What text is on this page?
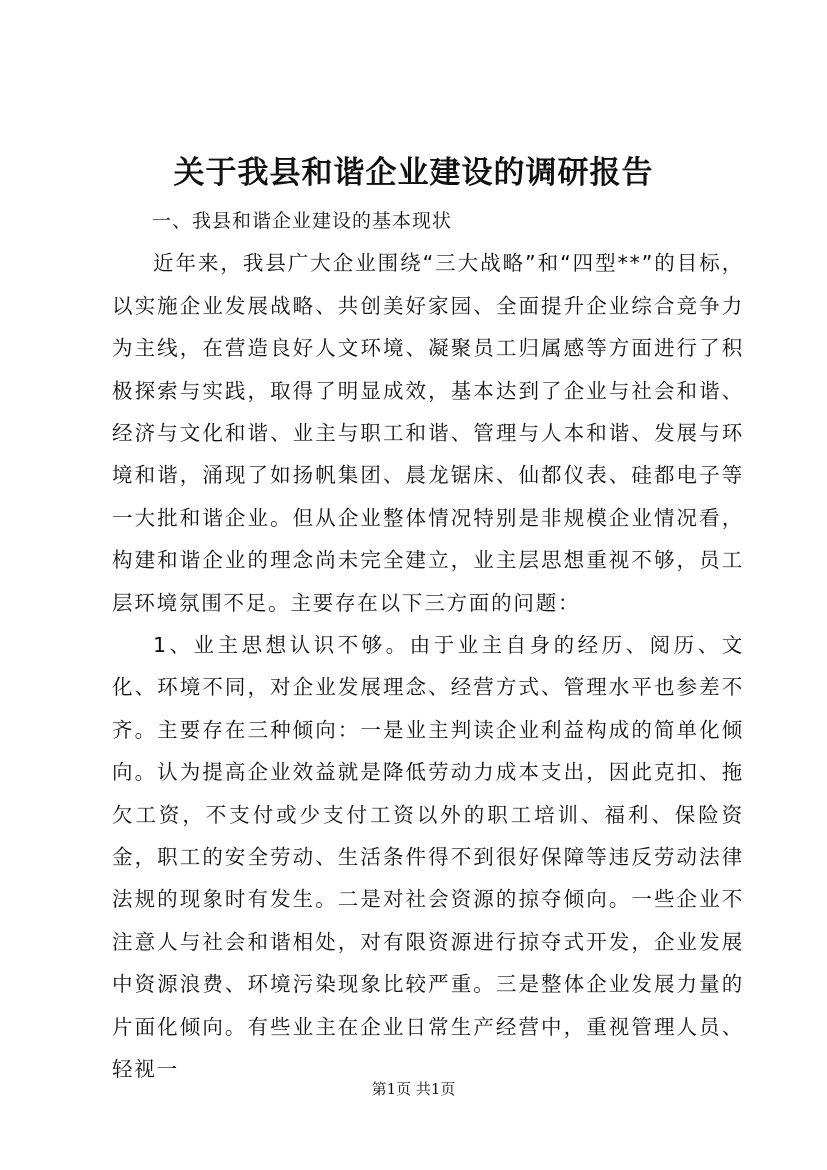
关于我县和谐企业建设的调研报告
一、我县和谐企业建设的基本现状

近年来，我县广大企业围绕“三大战略”和“四型**”的目标，以实施企业发展战略、共创美好家园、全面提升企业综合竞争力为主线，在营造良好人文环境、凝聚员工归属感等方面进行了积极探索与实践，取得了明显成效，基本达到了企业与社会和谐、经济与文化和谐、业主与职工和谐、管理与人本和谐、发展与环境和谐，涌现了如扬帆集团、晨龙锯床、仙都仪表、硅都电子等一大批和谐企业。但从企业整体情况特别是非规模企业情况看，构建和谐企业的理念尚未完全建立，业主层思想重视不够，员工层环境氛围不足。主要存在以下三方面的问题：

1、业主思想认识不够。由于业主自身的经历、阅历、文化、环境不同，对企业发展理念、经营方式、管理水平也参差不齐。主要存在三种倾向：一是业主判读企业利益构成的简单化倾向。认为提高企业效益就是降低劳动力成本支出，因此克扣、拖欠工资，不支付或少支付工资以外的职工培训、福利、保险资金，职工的安全劳动、生活条件得不到很好保障等违反劳动法律法规的现象时有发生。二是对社会资源的掠夺倾向。一些企业不注意人与社会和谐相处，对有限资源进行掠夺式开发，企业发展中资源浪费、环境污染现象比较严重。三是整体企业发展力量的片面化倾向。有些业主在企业日常生产经营中，重视管理人员、轻视一

第1页 共1页
